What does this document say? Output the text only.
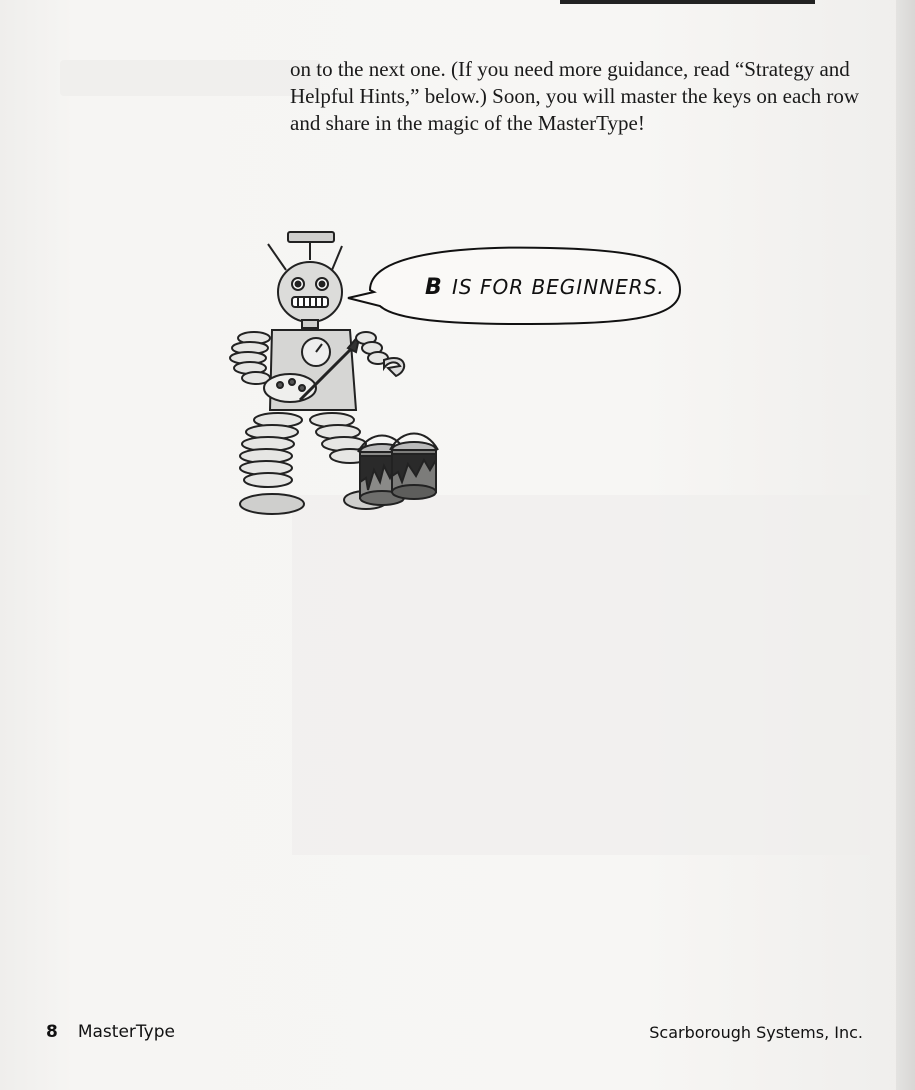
on to the next one. (If you need more guidance, read “Strategy and Helpful Hints,” below.) Soon, you will master the keys on each row and share in the magic of the MasterType!

B IS FOR BEGINNERS.
8 MasterType	Scarborough Systems, Inc.
